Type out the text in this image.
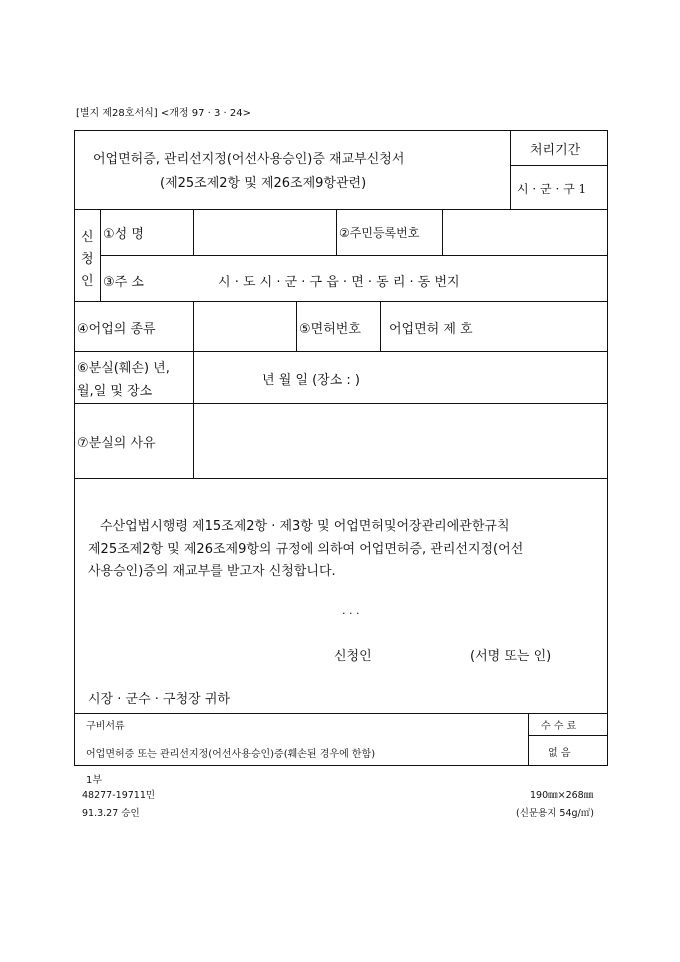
[별지 제28호서식] <개정 97 · 3 · 24>
어업면허증, 관리선지정(어선사용승인)증 재교부신청서
(제25조제2항 및 제26조제9항관련)
처리기간
시 · 군 · 구 1
신
청
인
①성 명	②주민등록번호
③주 소	시 · 도 시 · 군 · 구 읍 · 면 · 동 리 · 동 번지
④어업의 종류	⑤면허번호 어업면허 제 호
⑥분실(훼손) 년,
월,일 및 장소
년 월 일 (장소 : )
⑦분실의 사유
수산업법시행령 제15조제2항 · 제3항 및 어업면허및어장관리에관한규칙
제25조제2항 및 제26조제9항의 규정에 의하여 어업면허증, 관리선지정(어선
사용승인)증의 재교부를 받고자 신청합니다.
. . .
신청인	(서명 또는 인)
시장 · 군수 · 구청장 귀하
구비서류
어업면허증 또는 관리선지정(어선사용승인)증(훼손된 경우에 한함)
1부
수 수 료
없 음
48277-19711민
91.3.27 승인
190㎜×268㎜
(신문용지 54g/㎡)
